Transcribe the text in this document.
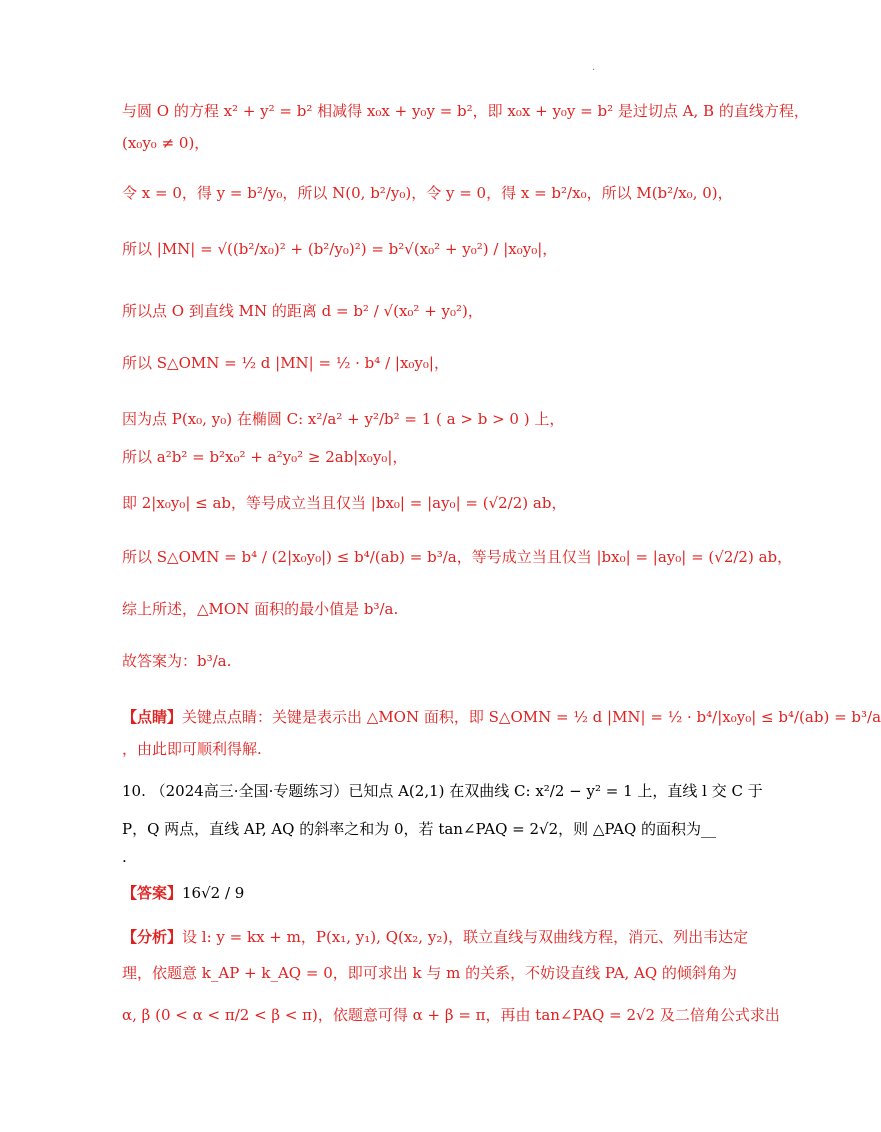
.
与圆 O 的方程 x² + y² = b² 相减得 x₀x + y₀y = b²，即 x₀x + y₀y = b² 是过切点 A, B 的直线方程，
(x₀y₀ ≠ 0)，
令 x = 0，得 y = b²/y₀，所以 N(0, b²/y₀)，令 y = 0，得 x = b²/x₀，所以 M(b²/x₀, 0)，
所以 |MN| = √((b²/x₀)² + (b²/y₀)²) = b²√(x₀² + y₀²) / |x₀y₀|，
所以点 O 到直线 MN 的距离 d = b² / √(x₀² + y₀²)，
所以 S△OMN = ½ d |MN| = ½ · b⁴ / |x₀y₀|，
因为点 P(x₀, y₀) 在椭圆 C: x²/a² + y²/b² = 1 ( a > b > 0 ) 上，
所以 a²b² = b²x₀² + a²y₀² ≥ 2ab|x₀y₀|，
即 2|x₀y₀| ≤ ab，等号成立当且仅当 |bx₀| = |ay₀| = (√2/2) ab，
所以 S△OMN = b⁴ / (2|x₀y₀|) ≤ b⁴/(ab) = b³/a，等号成立当且仅当 |bx₀| = |ay₀| = (√2/2) ab，
综上所述，△MON 面积的最小值是 b³/a.
故答案为：b³/a.
【点睛】关键点点睛：关键是表示出 △MON 面积，即 S△OMN = ½ d |MN| = ½ · b⁴/|x₀y₀| ≤ b⁴/(ab) = b³/a
，由此即可顺利得解.
10. （2024高三·全国·专题练习）已知点 A(2,1) 在双曲线 C: x²/2 − y² = 1 上，直线 l 交 C 于
P，Q 两点，直线 AP, AQ 的斜率之和为 0，若 tan∠PAQ = 2√2，则 △PAQ 的面积为__
.
【答案】16√2 / 9
【分析】设 l: y = kx + m，P(x₁, y₁), Q(x₂, y₂)，联立直线与双曲线方程，消元、列出韦达定
理，依题意 k_AP + k_AQ = 0，即可求出 k 与 m 的关系，不妨设直线 PA, AQ 的倾斜角为
α, β (0 < α < π/2 < β < π)，依题意可得 α + β = π，再由 tan∠PAQ = 2√2 及二倍角公式求出
